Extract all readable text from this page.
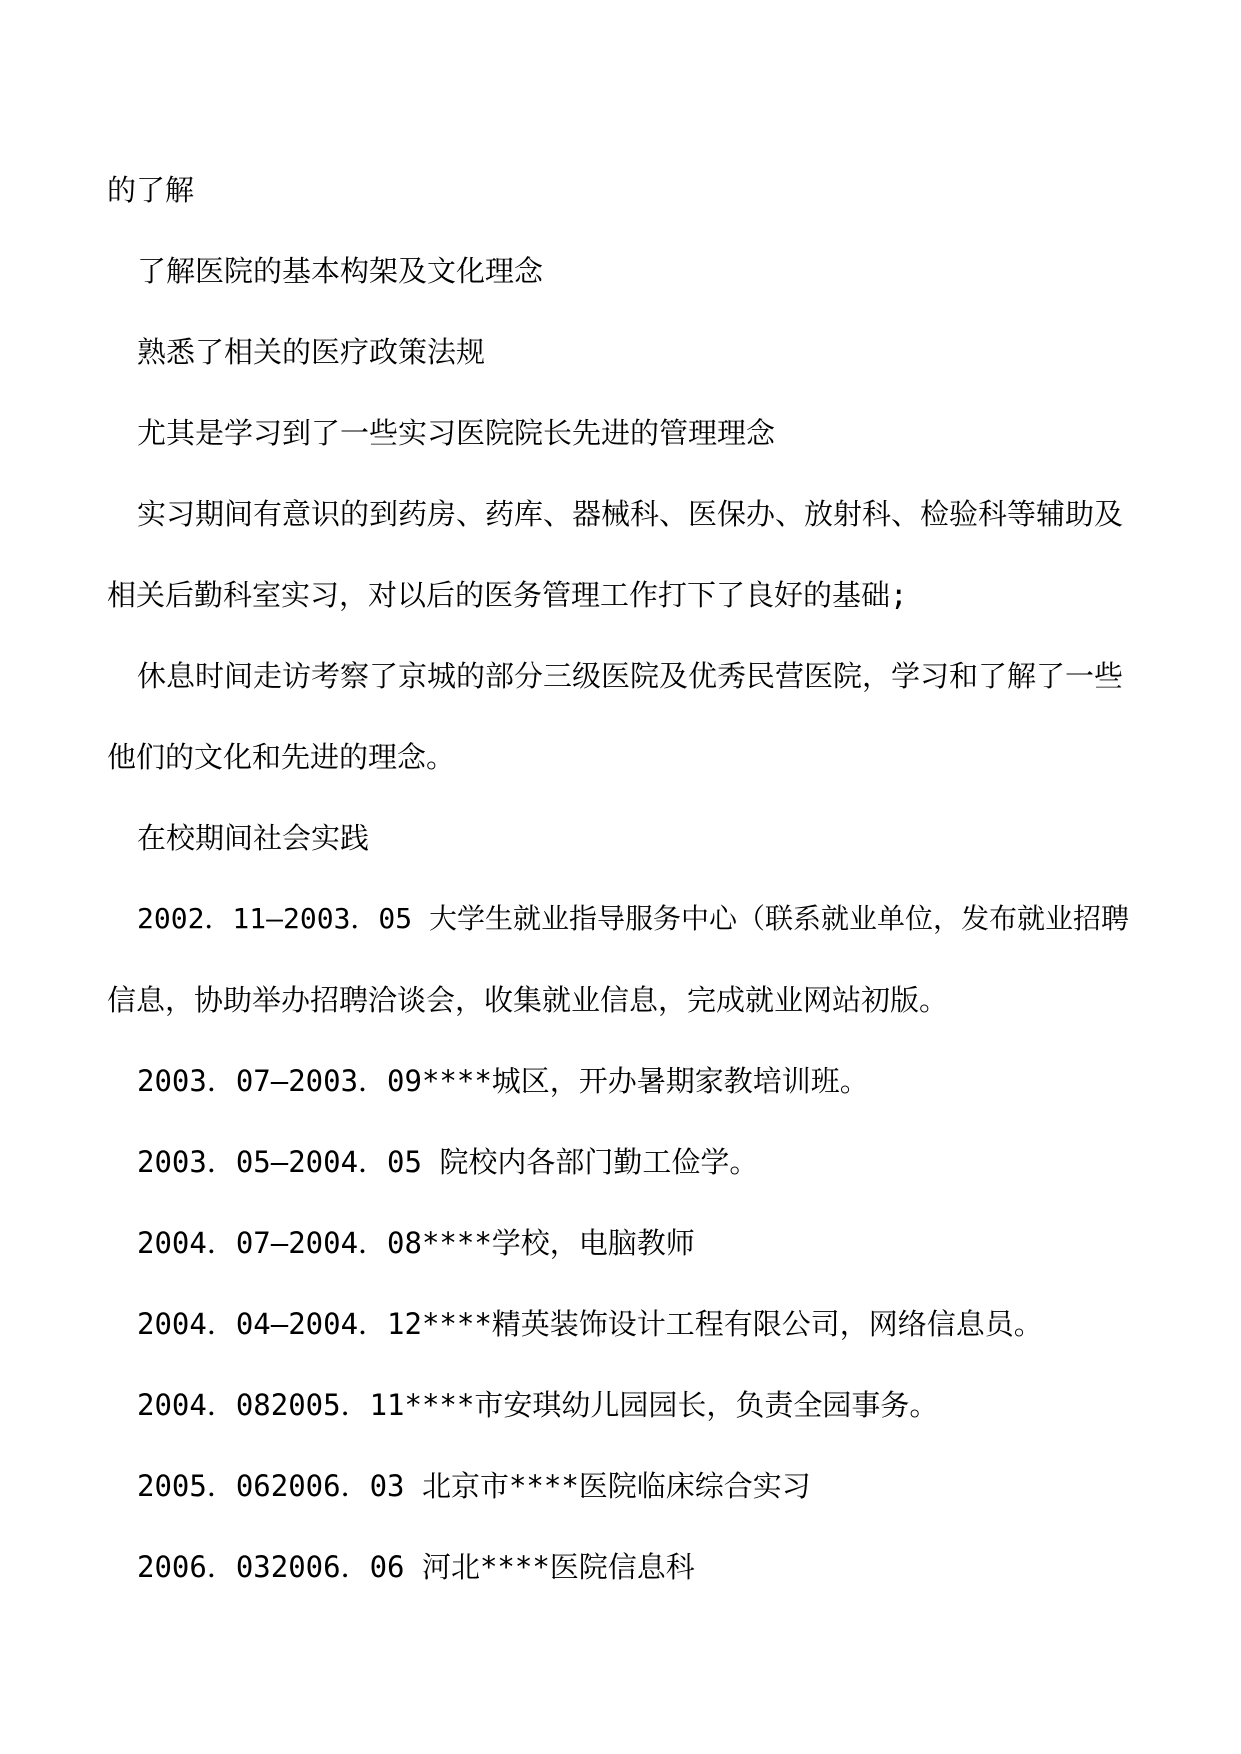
的了解
了解医院的基本构架及文化理念
熟悉了相关的医疗政策法规
尤其是学习到了一些实习医院院长先进的管理理念
实习期间有意识的到药房、药库、器械科、医保办、放射科、检验科等辅助及
相关后勤科室实习，对以后的医务管理工作打下了良好的基础;
休息时间走访考察了京城的部分三级医院及优秀民营医院，学习和了解了一些
他们的文化和先进的理念。
在校期间社会实践
2002．11—2003．05 大学生就业指导服务中心（联系就业单位，发布就业招聘
信息，协助举办招聘洽谈会，收集就业信息，完成就业网站初版。
2003．07—2003．09****城区，开办暑期家教培训班。
2003．05—2004．05 院校内各部门勤工俭学。
2004．07—2004．08****学校，电脑教师
2004．04—2004．12****精英装饰设计工程有限公司，网络信息员。
2004．082005．11****市安琪幼儿园园长，负责全园事务。
2005．062006．03 北京市****医院临床综合实习
2006．032006．06 河北****医院信息科
